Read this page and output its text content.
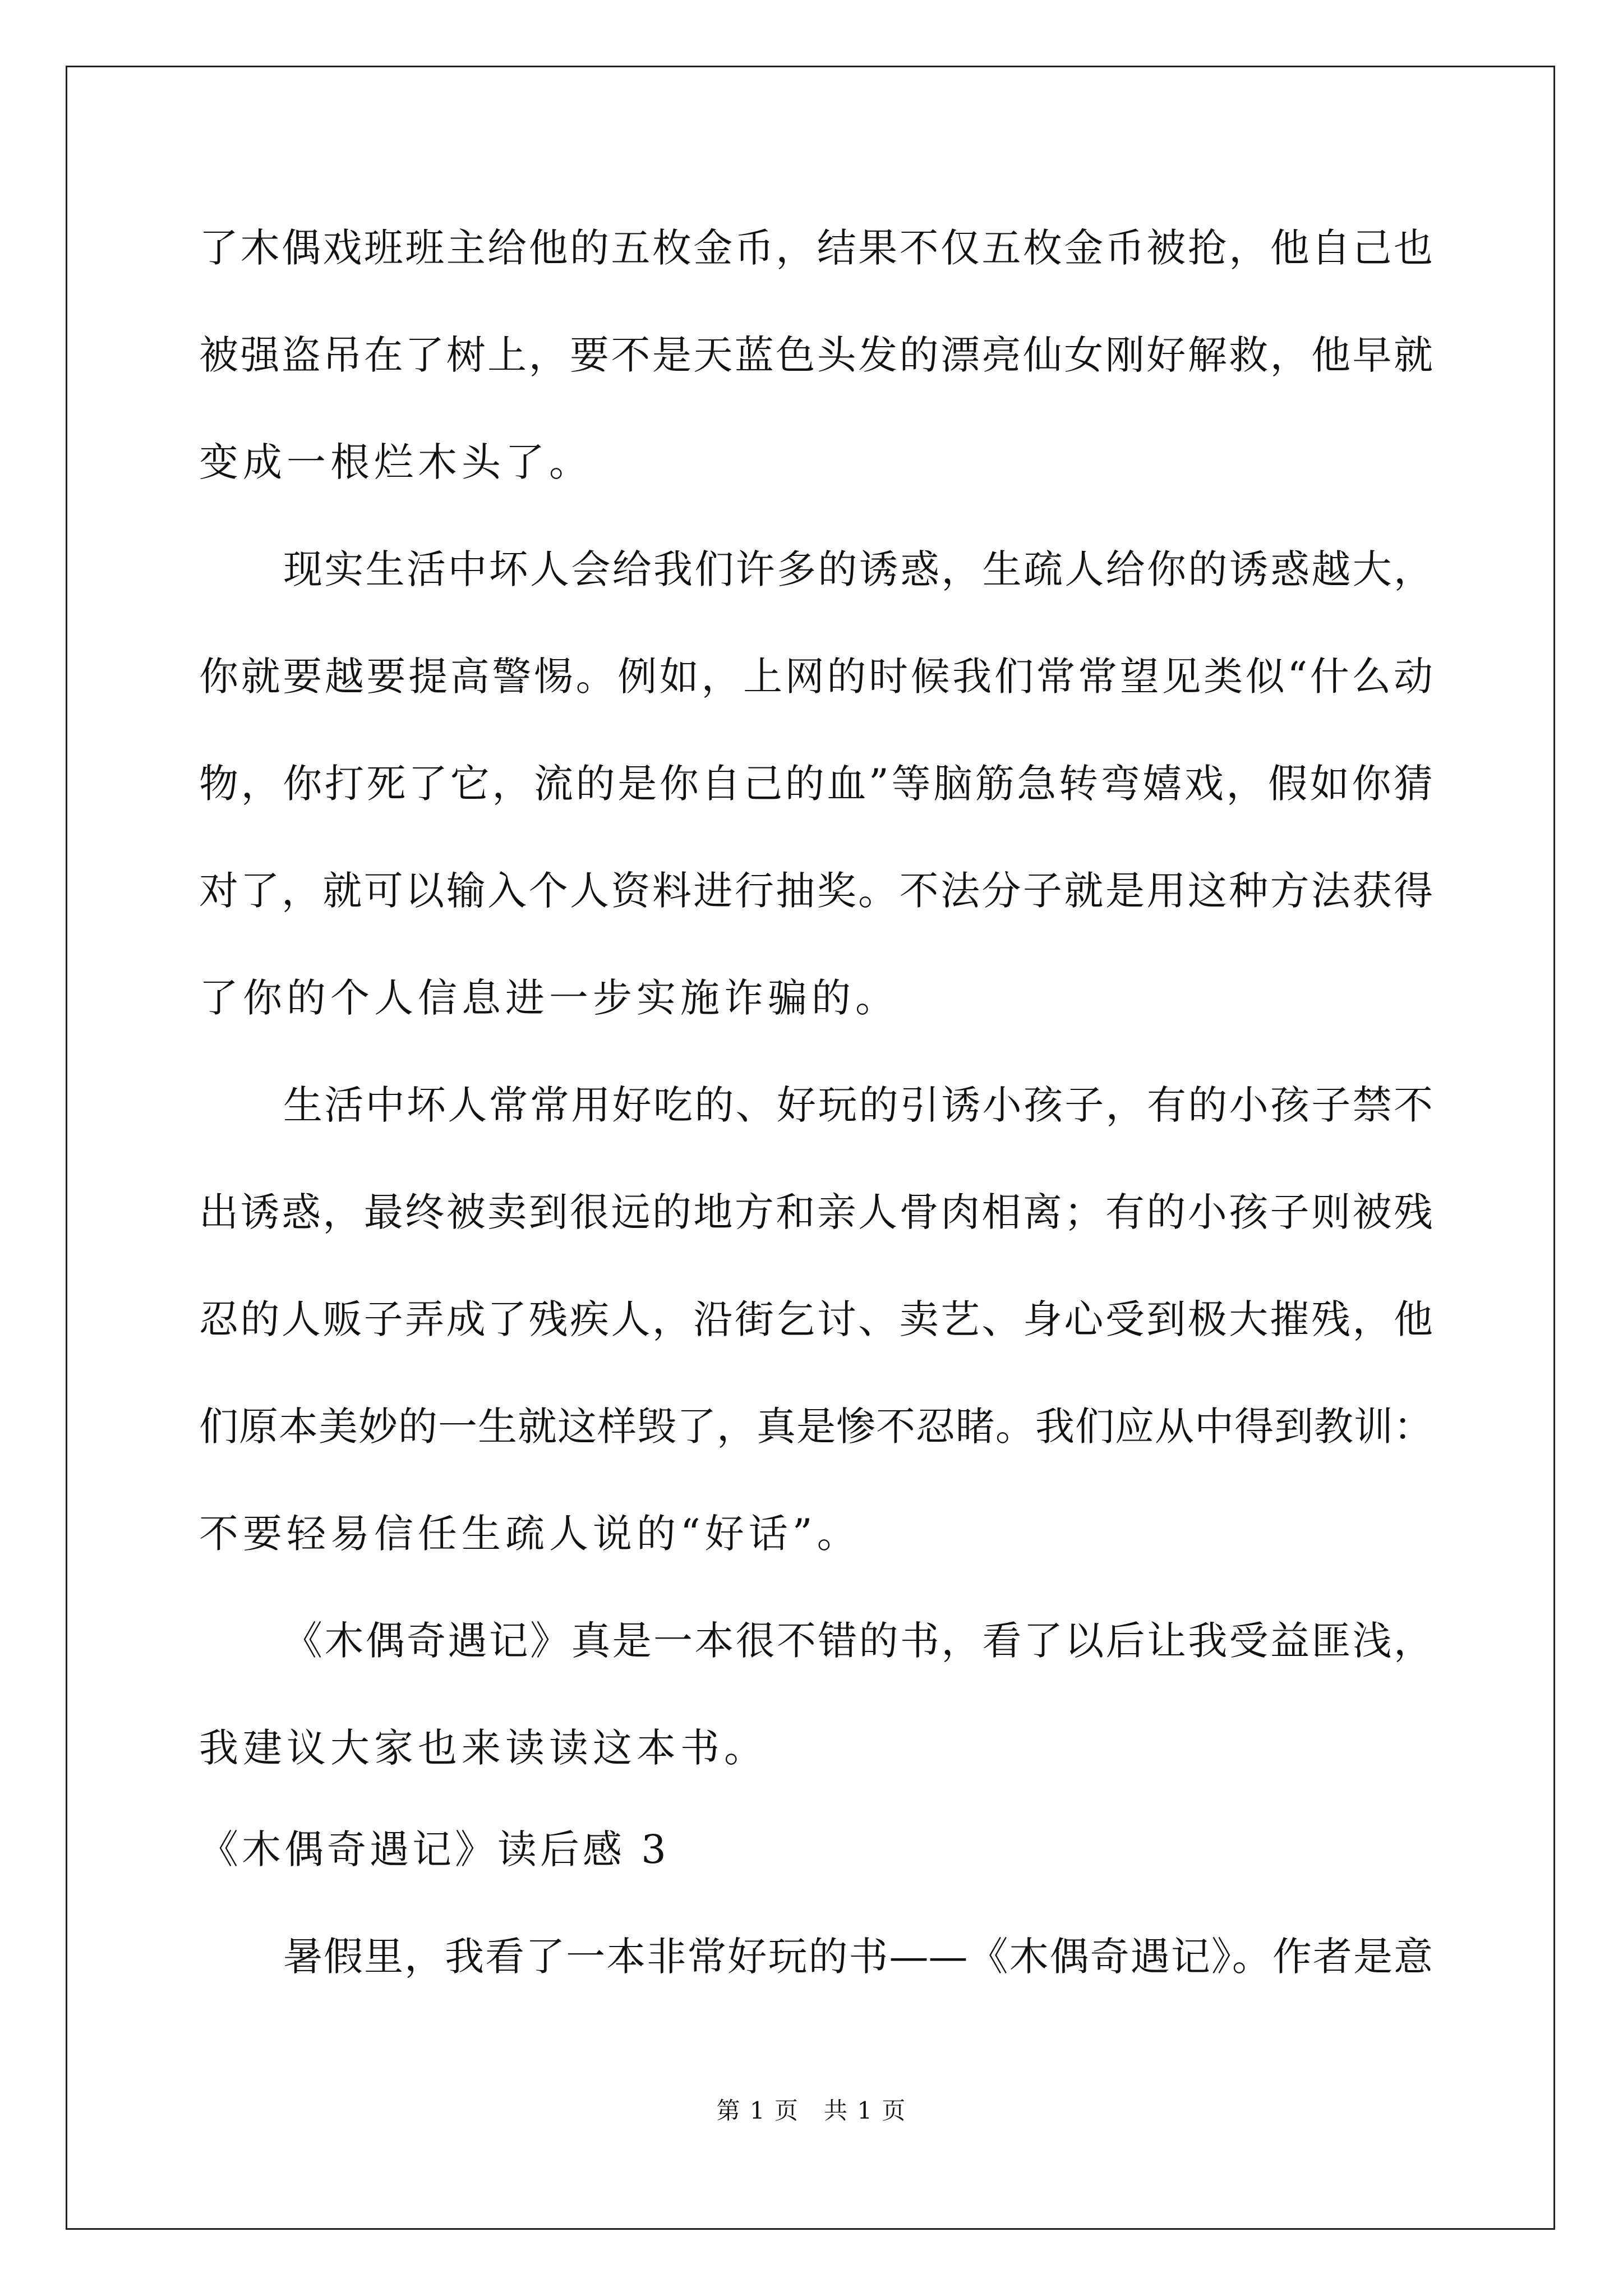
了木偶戏班班主给他的五枚金币，结果不仅五枚金币被抢，他自己也
被强盗吊在了树上，要不是天蓝色头发的漂亮仙女刚好解救，他早就
变成一根烂木头了。
现实生活中坏人会给我们许多的诱惑，生疏人给你的诱惑越大，
你就要越要提高警惕。例如，上网的时候我们常常望见类似“什么动
物，你打死了它，流的是你自己的血”等脑筋急转弯嬉戏，假如你猜
对了，就可以输入个人资料进行抽奖。不法分子就是用这种方法获得
了你的个人信息进一步实施诈骗的。
生活中坏人常常用好吃的、好玩的引诱小孩子，有的小孩子禁不
出诱惑，最终被卖到很远的地方和亲人骨肉相离；有的小孩子则被残
忍的人贩子弄成了残疾人，沿街乞讨、卖艺、身心受到极大摧残，他
们原本美妙的一生就这样毁了，真是惨不忍睹。我们应从中得到教训：
不要轻易信任生疏人说的“好话”。
《木偶奇遇记》真是一本很不错的书，看了以后让我受益匪浅，
我建议大家也来读读这本书。
《木偶奇遇记》读后感 3
暑假里，我看了一本非常好玩的书——《木偶奇遇记》。作者是意
第 1 页　共 1 页
